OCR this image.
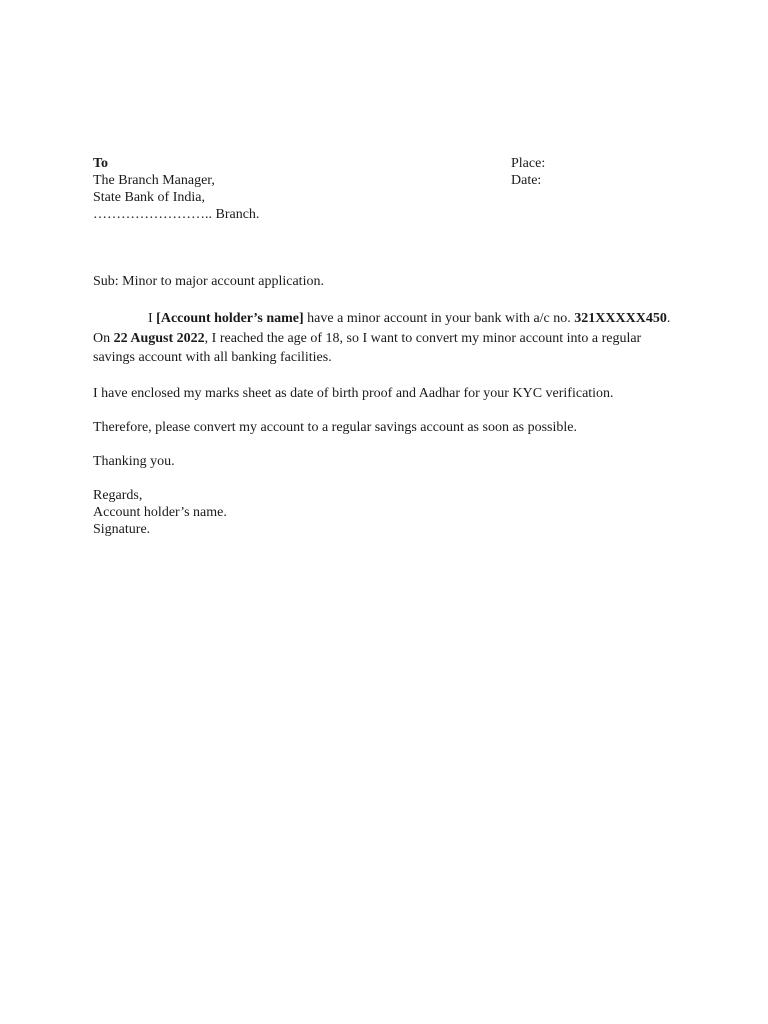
To
The Branch Manager,
State Bank of India,
…………………….. Branch.
Place:
Date:
Sub: Minor to major account application.
I [Account holder’s name] have a minor account in your bank with a/c no. 321XXXXX450. On 22 August 2022, I reached the age of 18, so I want to convert my minor account into a regular savings account with all banking facilities.
I have enclosed my marks sheet as date of birth proof and Aadhar for your KYC verification.
Therefore, please convert my account to a regular savings account as soon as possible.
Thanking you.
Regards,
Account holder’s name.
Signature.
